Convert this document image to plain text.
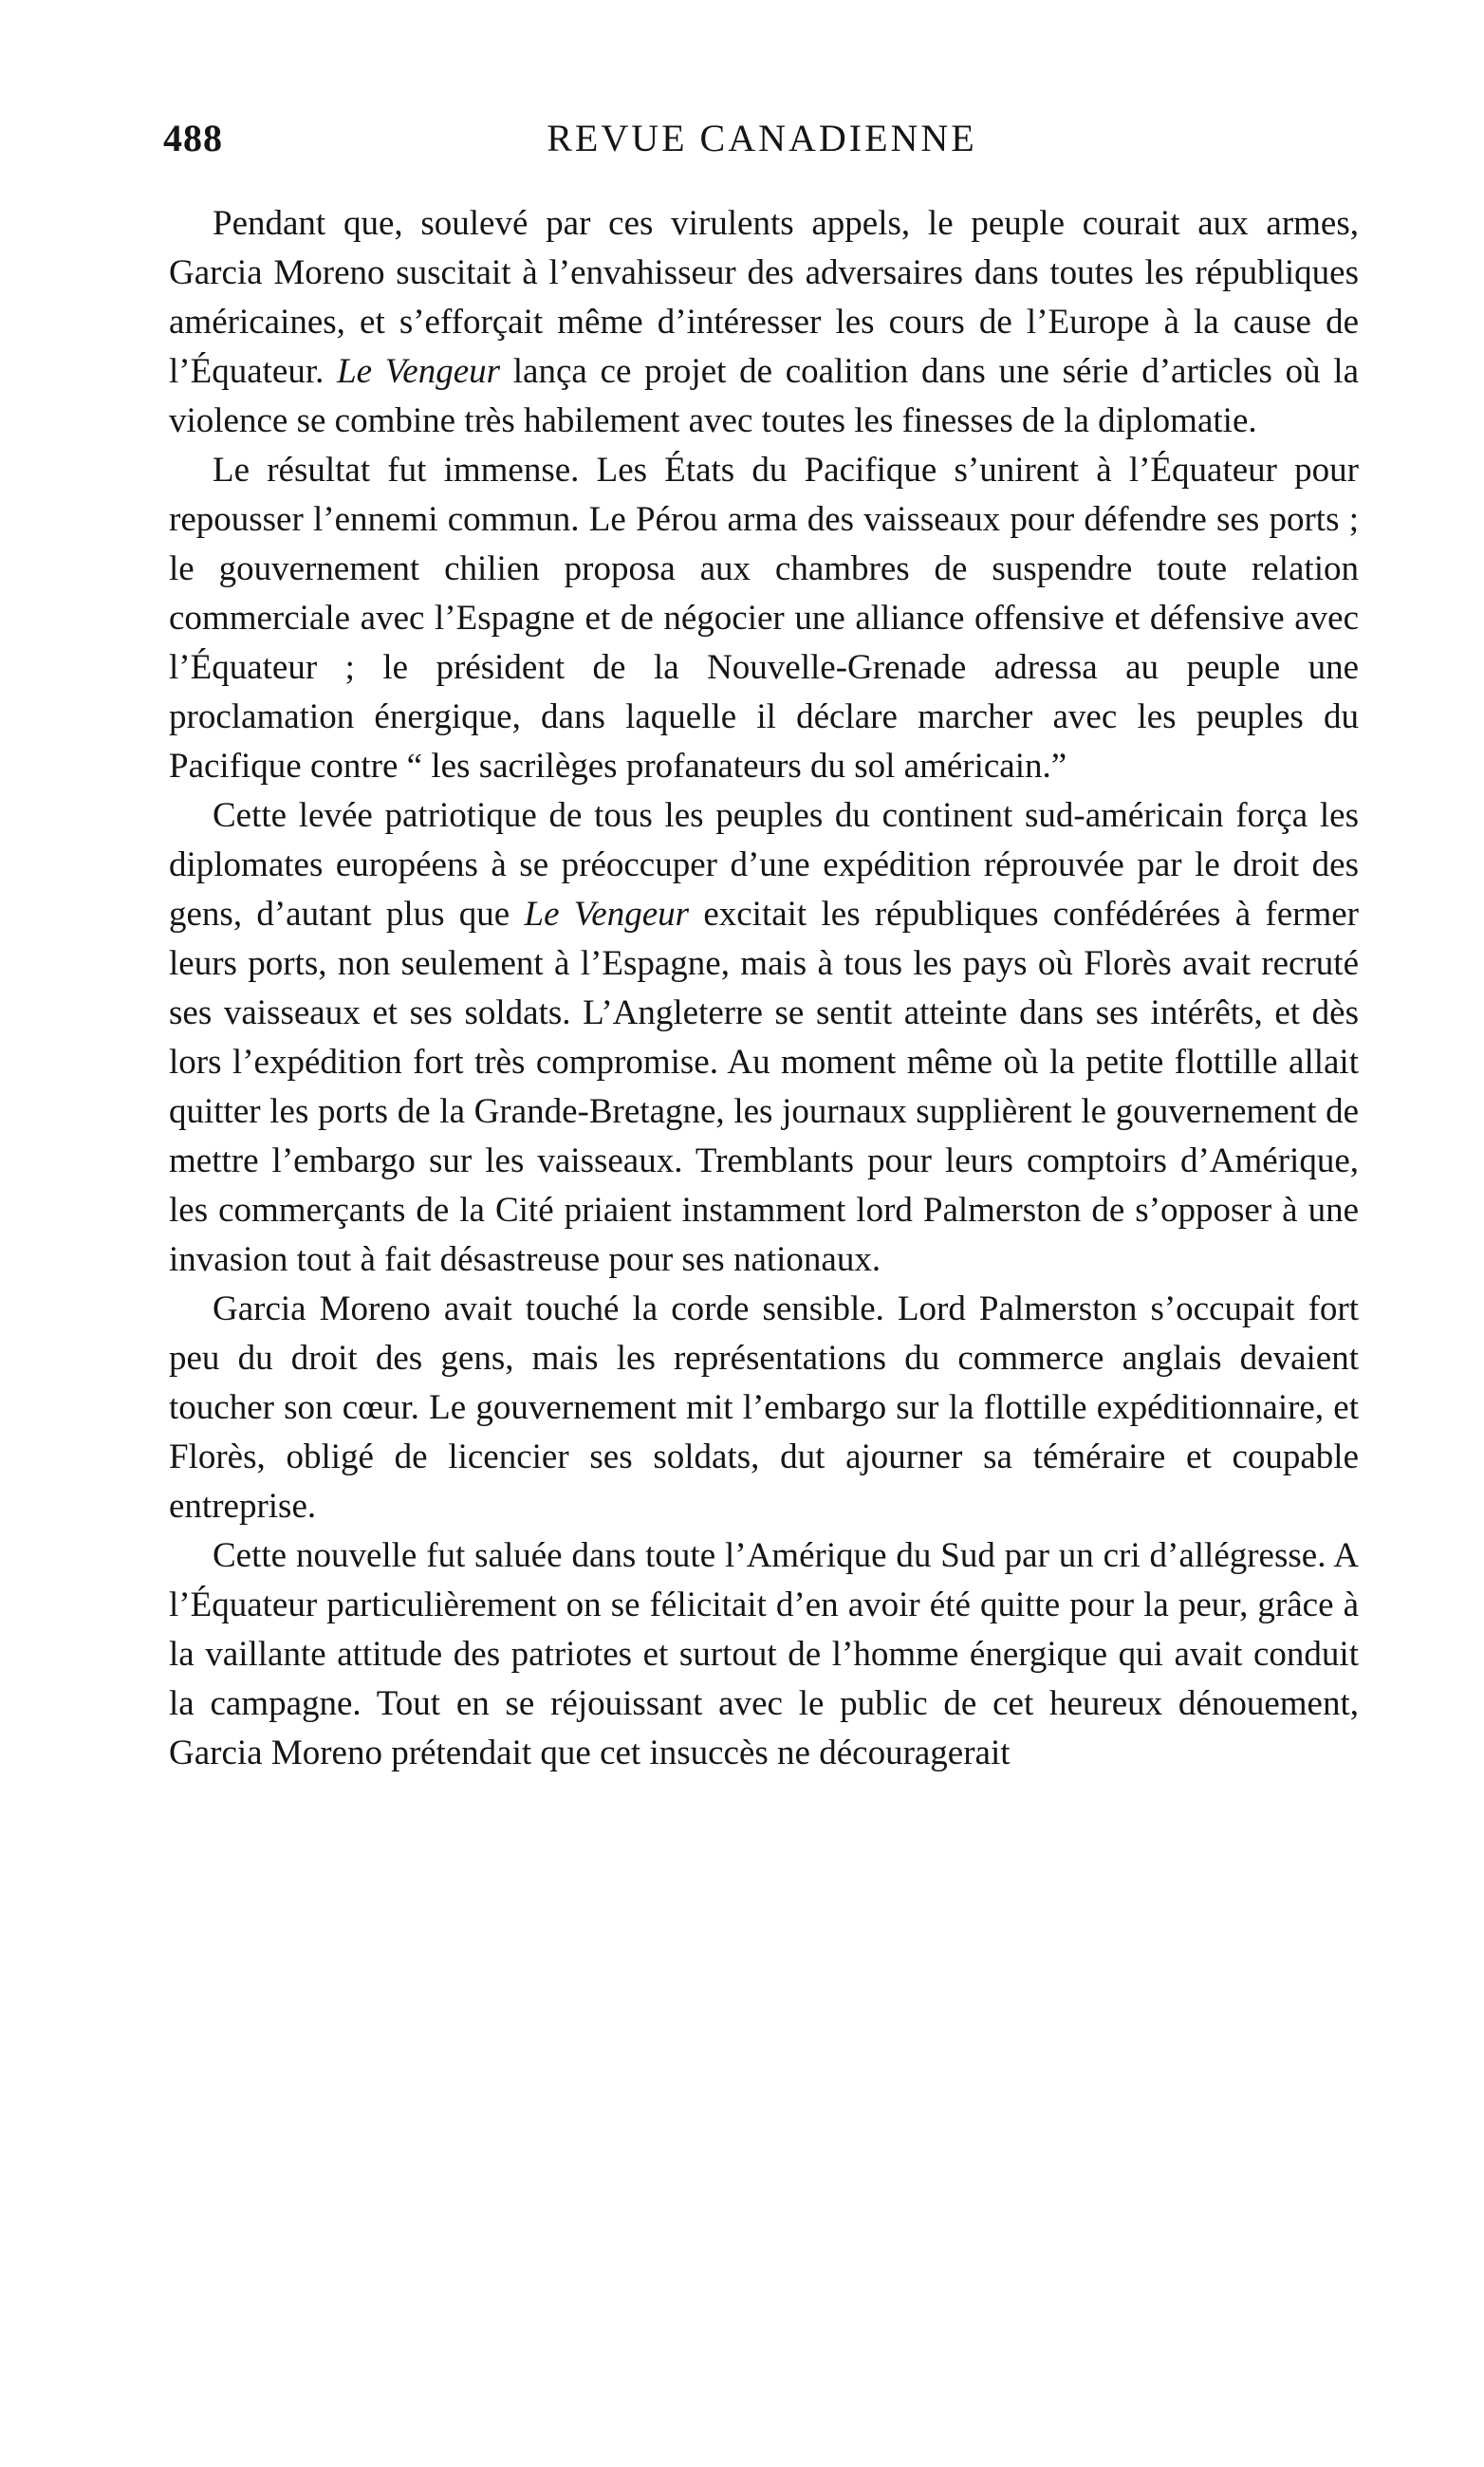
488	REVUE CANADIENNE

Pendant que, soulevé par ces virulents appels, le peuple courait aux armes, Garcia Moreno suscitait à l’envahisseur des adversaires dans toutes les républiques américaines, et s’efforçait même d’intéresser les cours de l’Europe à la cause de l’Équateur. Le Vengeur lança ce projet de coalition dans une série d’articles où la violence se combine très habilement avec toutes les finesses de la diplomatie.

Le résultat fut immense. Les États du Pacifique s’unirent à l’Équateur pour repousser l’ennemi commun. Le Pérou arma des vaisseaux pour défendre ses ports ; le gouvernement chilien proposa aux chambres de suspendre toute relation commerciale avec l’Espagne et de négocier une alliance offensive et défensive avec l’Équateur ; le président de la Nouvelle-Grenade adressa au peuple une proclamation énergique, dans laquelle il déclare marcher avec les peuples du Pacifique contre “ les sacrilèges profanateurs du sol américain.”

Cette levée patriotique de tous les peuples du continent sud-américain força les diplomates européens à se préoccuper d’une expédition réprouvée par le droit des gens, d’autant plus que Le Vengeur excitait les républiques confédérées à fermer leurs ports, non seulement à l’Espagne, mais à tous les pays où Florès avait recruté ses vaisseaux et ses soldats. L’Angleterre se sentit atteinte dans ses intérêts, et dès lors l’expédition fort très compromise. Au moment même où la petite flottille allait quitter les ports de la Grande-Bretagne, les journaux supplièrent le gouvernement de mettre l’embargo sur les vaisseaux. Tremblants pour leurs comptoirs d’Amérique, les commerçants de la Cité priaient instamment lord Palmerston de s’opposer à une invasion tout à fait désastreuse pour ses nationaux.

Garcia Moreno avait touché la corde sensible. Lord Palmerston s’occupait fort peu du droit des gens, mais les représentations du commerce anglais devaient toucher son cœur. Le gouvernement mit l’embargo sur la flottille expéditionnaire, et Florès, obligé de licencier ses soldats, dut ajourner sa téméraire et coupable entreprise.

Cette nouvelle fut saluée dans toute l’Amérique du Sud par un cri d’allégresse. A l’Équateur particulièrement on se félicitait d’en avoir été quitte pour la peur, grâce à la vaillante attitude des patriotes et surtout de l’homme énergique qui avait conduit la campagne. Tout en se réjouissant avec le public de cet heureux dénouement, Garcia Moreno prétendait que cet insuccès ne découragerait
